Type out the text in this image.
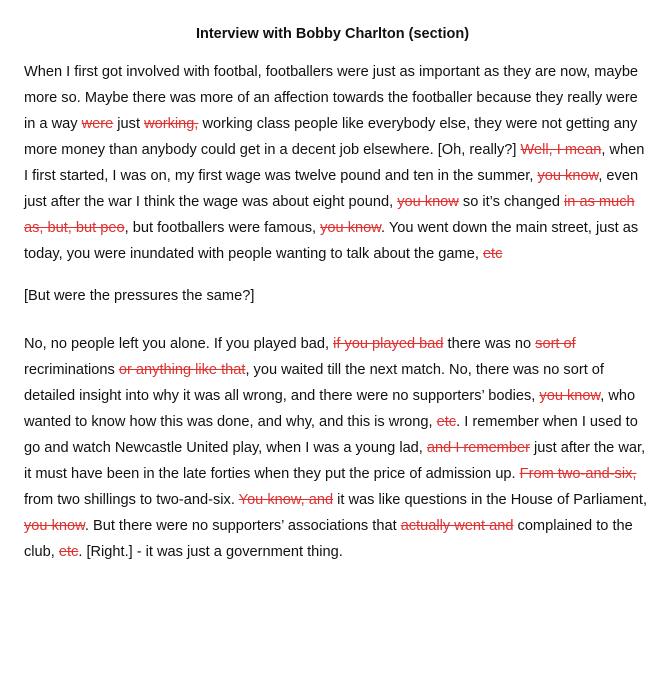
Interview with Bobby Charlton (section)

When I first got involved with footbal, footballers were just as important as they are now, maybe more so. Maybe there was more of an affection towards the footballer because they really were in a way were just working, working class people like everybody else, they were not getting any more money than anybody could get in a decent job elsewhere. [Oh, really?] Well, I mean, when I first started, I was on, my first wage was twelve pound and ten in the summer, you know, even just after the war I think the wage was about eight pound, you know so it’s changed in as much as, but, but peo, but footballers were famous, you know. You went down the main street, just as today, you were inundated with people wanting to talk about the game, etc

[But were the pressures the same?]

No, no people left you alone. If you played bad, if you played bad there was no sort of recriminations or anything like that, you waited till the next match. No, there was no sort of detailed insight into why it was all wrong, and there were no supporters’ bodies, you know, who wanted to know how this was done, and why, and this is wrong, etc. I remember when I used to go and watch Newcastle United play, when I was a young lad, and I remember just after the war, it must have been in the late forties when they put the price of admission up. From two-and-six, from two shillings to two-and-six. You know, and it was like questions in the House of Parliament, you know. But there were no supporters’ associations that actually went and complained to the club, etc. [Right.] - it was just a government thing.
